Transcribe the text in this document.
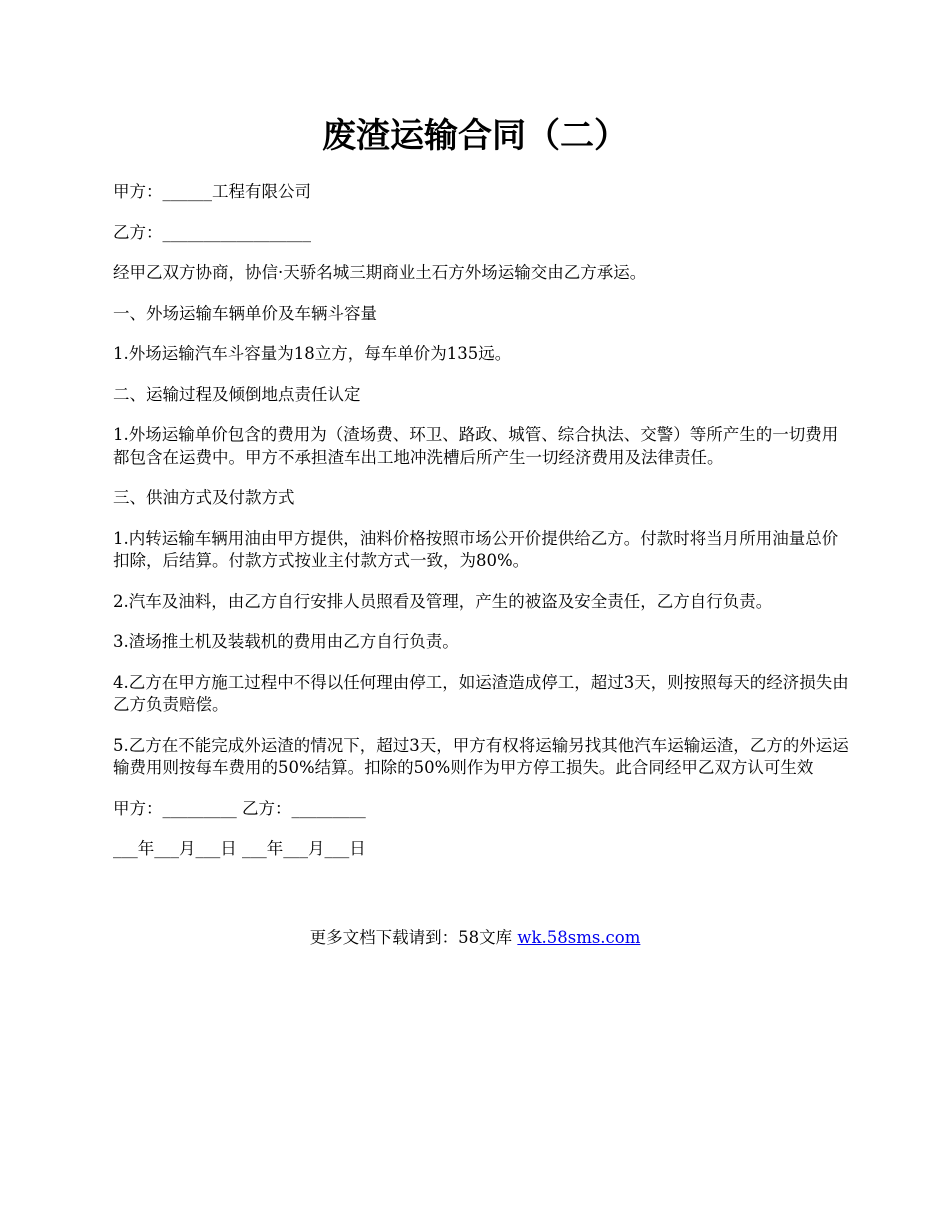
废渣运输合同（二）

甲方：______工程有限公司

乙方：__________________

经甲乙双方协商，协信·天骄名城三期商业土石方外场运输交由乙方承运。

一、外场运输车辆单价及车辆斗容量

1.外场运输汽车斗容量为18立方，每车单价为135远。

二、运输过程及倾倒地点责任认定

1.外场运输单价包含的费用为（渣场费、环卫、路政、城管、综合执法、交警）等所产生的一切费用都包含在运费中。甲方不承担渣车出工地冲洗槽后所产生一切经济费用及法律责任。

三、供油方式及付款方式

1.内转运输车辆用油由甲方提供，油料价格按照市场公开价提供给乙方。付款时将当月所用油量总价扣除，后结算。付款方式按业主付款方式一致，为80%。

2.汽车及油料，由乙方自行安排人员照看及管理，产生的被盗及安全责任，乙方自行负责。

3.渣场推土机及装载机的费用由乙方自行负责。

4.乙方在甲方施工过程中不得以任何理由停工，如运渣造成停工，超过3天，则按照每天的经济损失由乙方负责赔偿。

5.乙方在不能完成外运渣的情况下，超过3天，甲方有权将运输另找其他汽车运输运渣，乙方的外运运输费用则按每车费用的50%结算。扣除的50%则作为甲方停工损失。此合同经甲乙双方认可生效

甲方：_________ 乙方：_________

___年___月___日 ___年___月___日

更多文档下载请到：58文库 wk.58sms.com
